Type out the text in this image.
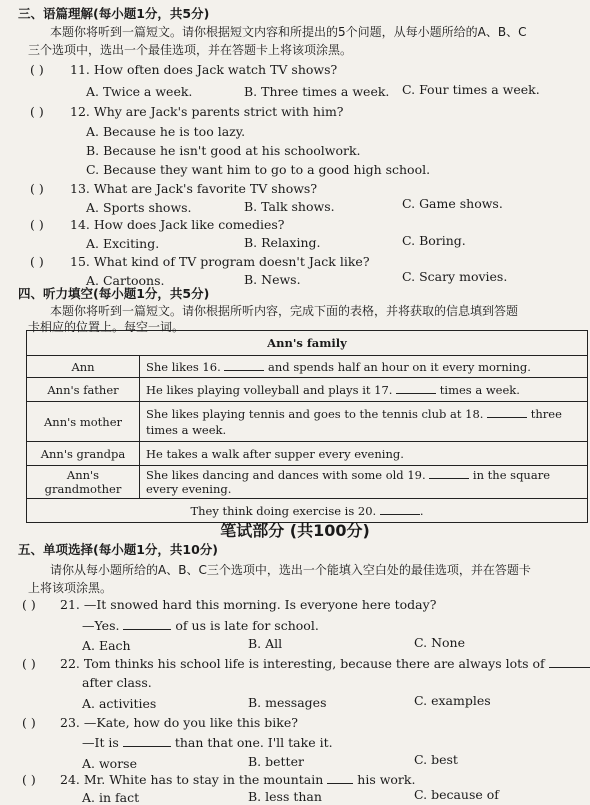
三、语篇理解(每小题1分，共5分)
本题你将听到一篇短文。请你根据短文内容和所提出的5个问题，从每小题所给的A、B、C
三个选项中，选出一个最佳选项，并在答题卡上将该项涂黑。
( ) 11. How often does Jack watch TV shows?
A. Twice a week.	B. Three times a week. C. Four times a week.
( ) 12. Why are Jack's parents strict with him?
A. Because he is too lazy.
B. Because he isn't good at his schoolwork.
C. Because they want him to go to a good high school.
( ) 13. What are Jack's favorite TV shows?
A. Sports shows.	B. Talk shows.	C. Game shows.
( ) 14. How does Jack like comedies?
A. Exciting.	B. Relaxing.	C. Boring.
( ) 15. What kind of TV program doesn't Jack like?
A. Cartoons.	B. News.	C. Scary movies.
四、听力填空(每小题1分，共5分)
本题你将听到一篇短文。请你根据所听内容，完成下面的表格，并将获取的信息填到答题
卡相应的位置上。每空一词。
Ann's family	
Ann	She likes 16. and spends half an hour on it every morning.
Ann's father	He likes playing volleyball and plays it 17. times a week.
Ann's mother	She likes playing tennis and goes to the tennis club at 18. three times a week.
Ann's grandpa	He takes a walk after supper every evening.
Ann's grandmother	She likes dancing and dances with some old 19. in the square every evening.
They think doing exercise is 20. .	
笔试部分 (共100分)
五、单项选择(每小题1分，共10分)
请你从每小题所给的A、B、C三个选项中，选出一个能填入空白处的最佳选项，并在答题卡
上将该项涂黑。
( ) 21. —It snowed hard this morning. Is everyone here today?
—Yes.	of us is late for school.
A. Each	B. All	C. None
( ) 22. Tom thinks his school life is interesting, because there are always lots of
after class.
A. activities	B. messages	C. examples
( ) 23. —Kate, how do you like this bike?
—It is	than that one. I'll take it.
A. worse	B. better	C. best
( ) 24. Mr. White has to stay in the mountain  his work.
A. in fact	B. less than	C. because of
